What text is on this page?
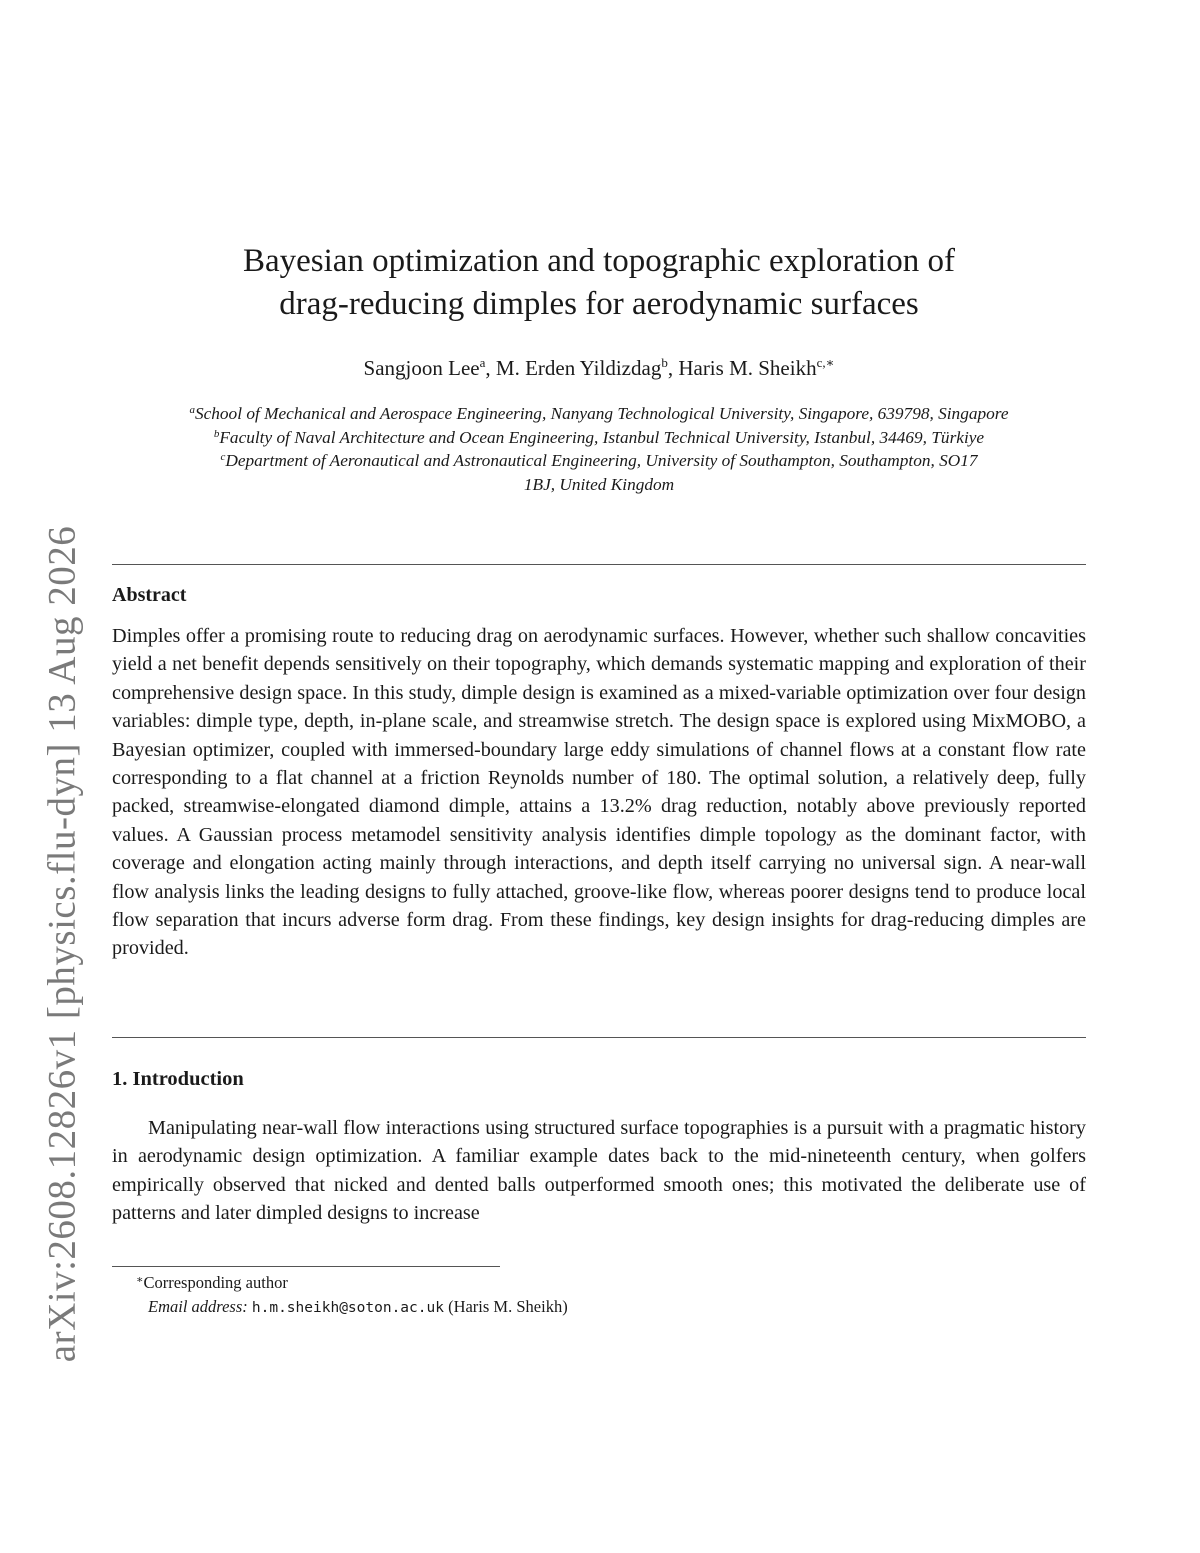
arXiv:2608.12826v1 [physics.flu-dyn] 13 Aug 2026
Bayesian optimization and topographic exploration of
drag-reducing dimples for aerodynamic surfaces
Sangjoon Lee$^a$, M. Erden Yildizdag$^b$, Haris M. Sheikh$^{c,∗}$
$^a$School of Mechanical and Aerospace Engineering, Nanyang Technological University, Singapore, 639798, Singapore
$^b$Faculty of Naval Architecture and Ocean Engineering, Istanbul Technical University, Istanbul, 34469, Türkiye
$^c$Department of Aeronautical and Astronautical Engineering, University of Southampton, Southampton, SO17
1BJ, United Kingdom
Abstract
Dimples offer a promising route to reducing drag on aerodynamic surfaces. However, whether such shallow concavities yield a net benefit depends sensitively on their topography, which demands systematic mapping and exploration of their comprehensive design space. In this study, dimple design is examined as a mixed-variable optimization over four design variables: dimple type, depth, in-plane scale, and streamwise stretch. The design space is explored using MixMOBO, a Bayesian optimizer, coupled with immersed-boundary large eddy simulations of channel flows at a constant flow rate corresponding to a flat channel at a friction Reynolds number of 180. The optimal solution, a relatively deep, fully packed, streamwise-elongated diamond dimple, attains a 13.2% drag reduction, notably above previously reported values. A Gaussian process metamodel sensitivity analysis identifies dimple topology as the dominant factor, with coverage and elongation acting mainly through interactions, and depth itself carrying no universal sign. A near-wall flow analysis links the leading designs to fully attached, groove-like flow, whereas poorer designs tend to produce local flow separation that incurs adverse form drag. From these findings, key design insights for drag-reducing dimples are provided.
1. Introduction
Manipulating near-wall flow interactions using structured surface topographies is a pursuit with a pragmatic history in aerodynamic design optimization. A familiar example dates back to the mid-nineteenth century, when golfers empirically observed that nicked and dented balls outperformed smooth ones; this motivated the deliberate use of patterns and later dimpled designs to increase
∗Corresponding author
Email address: h.m.sheikh@soton.ac.uk (Haris M. Sheikh)
